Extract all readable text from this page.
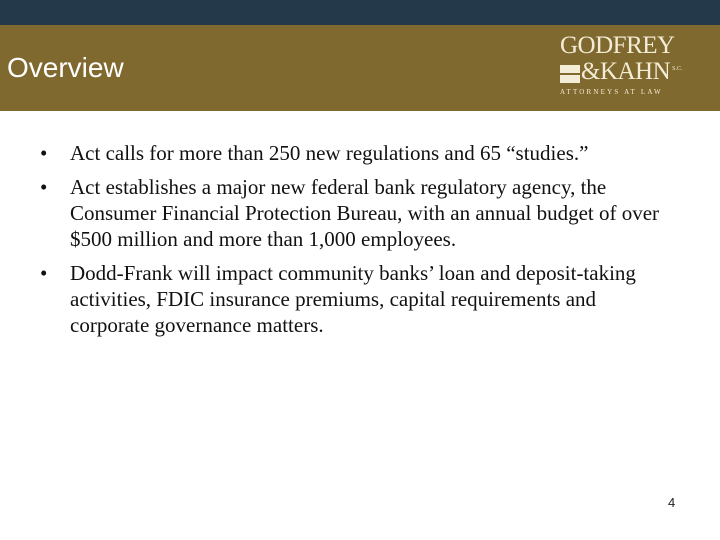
Overview
GODFREY
&KAHN S.C.
ATTORNEYS AT LAW
• Act calls for more than 250 new regulations and 65 “studies.”
• Act establishes a major new federal bank regulatory agency, the Consumer Financial Protection Bureau, with an annual budget of over $500 million and more than 1,000 employees.
• Dodd-Frank will impact community banks’ loan and deposit-taking activities, FDIC insurance premiums, capital requirements and corporate governance matters.
4
